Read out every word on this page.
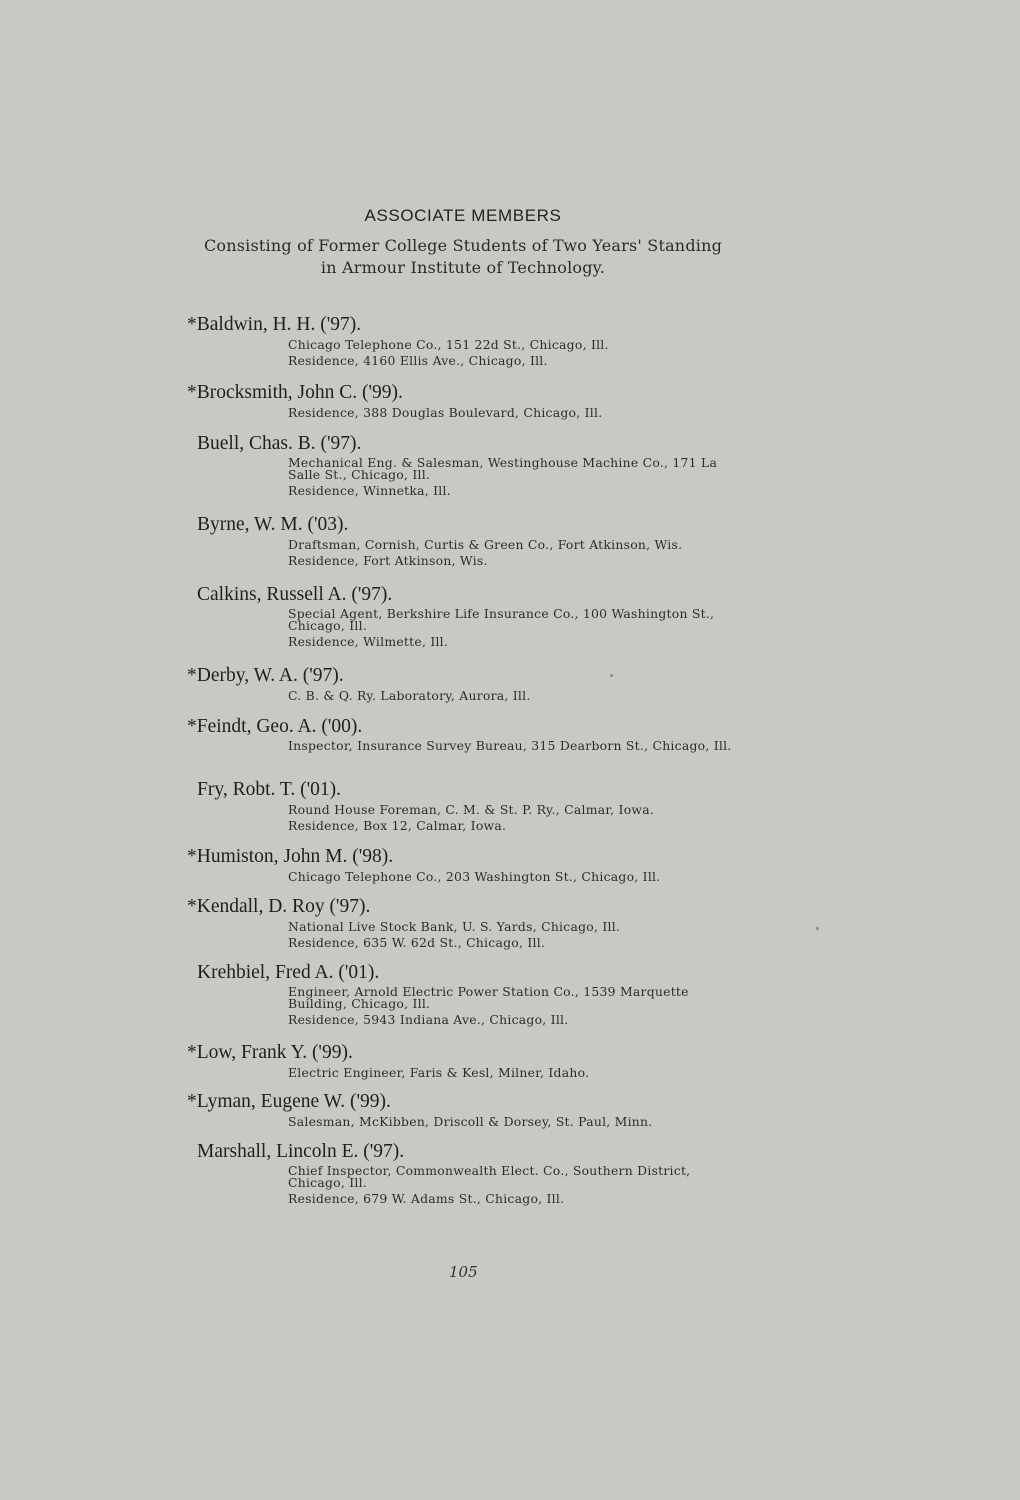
ASSOCIATE MEMBERS
Consisting of Former College Students of Two Years' Standing
in Armour Institute of Technology.
*Baldwin, H. H. ('97).
Chicago Telephone Co., 151 22d St., Chicago, Ill.
Residence, 4160 Ellis Ave., Chicago, Ill.
*Brocksmith, John C. ('99).
Residence, 388 Douglas Boulevard, Chicago, Ill.
Buell, Chas. B. ('97).
Mechanical Eng. & Salesman, Westinghouse Machine Co., 171 La Salle St., Chicago, Ill.
Residence, Winnetka, Ill.
Byrne, W. M. ('03).
Draftsman, Cornish, Curtis & Green Co., Fort Atkinson, Wis.
Residence, Fort Atkinson, Wis.
Calkins, Russell A. ('97).
Special Agent, Berkshire Life Insurance Co., 100 Washington St., Chicago, Ill.
Residence, Wilmette, Ill.
*Derby, W. A. ('97).
C. B. & Q. Ry. Laboratory, Aurora, Ill.
*Feindt, Geo. A. ('00).
Inspector, Insurance Survey Bureau, 315 Dearborn St., Chicago, Ill.
Fry, Robt. T. ('01).
Round House Foreman, C. M. & St. P. Ry., Calmar, Iowa.
Residence, Box 12, Calmar, Iowa.
*Humiston, John M. ('98).
Chicago Telephone Co., 203 Washington St., Chicago, Ill.
*Kendall, D. Roy ('97).
National Live Stock Bank, U. S. Yards, Chicago, Ill.
Residence, 635 W. 62d St., Chicago, Ill.
Krehbiel, Fred A. ('01).
Engineer, Arnold Electric Power Station Co., 1539 Marquette Building, Chicago, Ill.
Residence, 5943 Indiana Ave., Chicago, Ill.
*Low, Frank Y. ('99).
Electric Engineer, Faris & Kesl, Milner, Idaho.
*Lyman, Eugene W. ('99).
Salesman, McKibben, Driscoll & Dorsey, St. Paul, Minn.
Marshall, Lincoln E. ('97).
Chief Inspector, Commonwealth Elect. Co., Southern District, Chicago, Ill.
Residence, 679 W. Adams St., Chicago, Ill.
105
